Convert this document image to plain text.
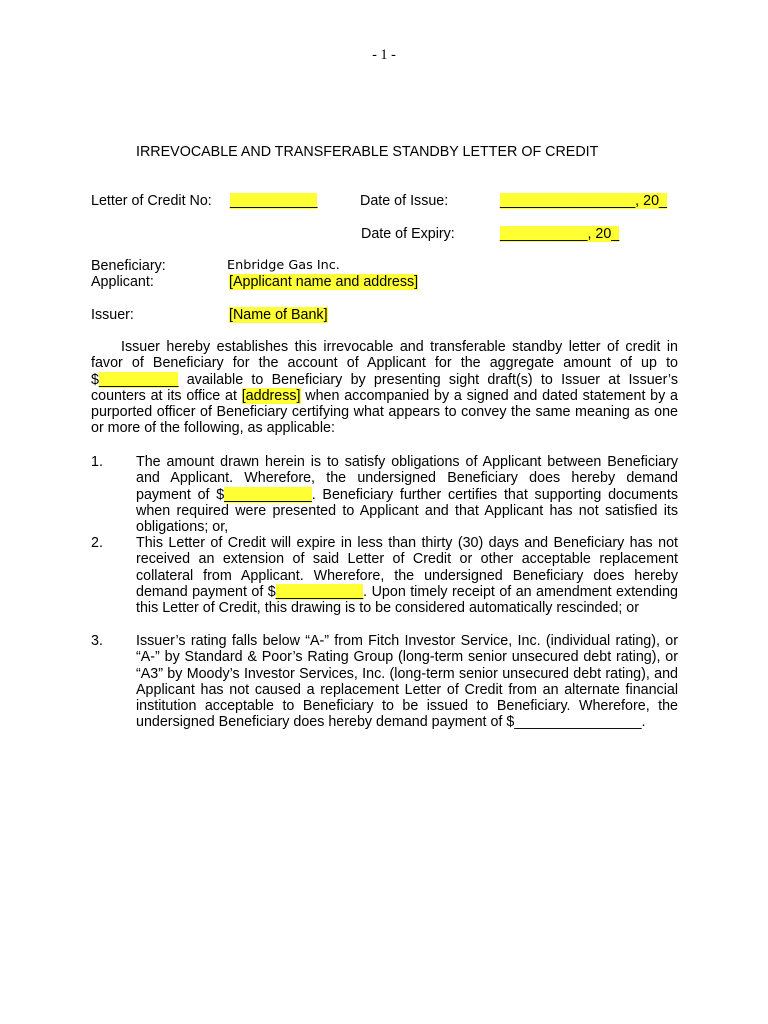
- 1 -
IRREVOCABLE AND TRANSFERABLE STANDBY LETTER OF CREDIT
Letter of Credit No: ___________	Date of Issue:	_________________, 20_
Date of Expiry:	___________, 20_
Beneficiary:	Enbridge Gas Inc.
Applicant:	[Applicant name and address]
Issuer:	[Name of Bank]
Issuer hereby establishes this irrevocable and transferable standby letter of credit in favor of Beneficiary for the account of Applicant for the aggregate amount of up to $__________ available to Beneficiary by presenting sight draft(s) to Issuer at Issuer’s counters at its office at [address] when accompanied by a signed and dated statement by a purported officer of Beneficiary certifying what appears to convey the same meaning as one or more of the following, as applicable:
1. The amount drawn herein is to satisfy obligations of Applicant between Beneficiary and Applicant. Wherefore, the undersigned Beneficiary does hereby demand payment of $___________. Beneficiary further certifies that supporting documents when required were presented to Applicant and that Applicant has not satisfied its obligations; or,
2. This Letter of Credit will expire in less than thirty (30) days and Beneficiary has not received an extension of said Letter of Credit or other acceptable replacement collateral from Applicant. Wherefore, the undersigned Beneficiary does hereby demand payment of $___________. Upon timely receipt of an amendment extending this Letter of Credit, this drawing is to be considered automatically rescinded; or
3. Issuer’s rating falls below “A-” from Fitch Investor Service, Inc. (individual rating), or “A-” by Standard & Poor’s Rating Group (long-term senior unsecured debt rating), or “A3” by Moody’s Investor Services, Inc. (long-term senior unsecured debt rating), and Applicant has not caused a replacement Letter of Credit from an alternate financial institution acceptable to Beneficiary to be issued to Beneficiary. Wherefore, the undersigned Beneficiary does hereby demand payment of $________________.
